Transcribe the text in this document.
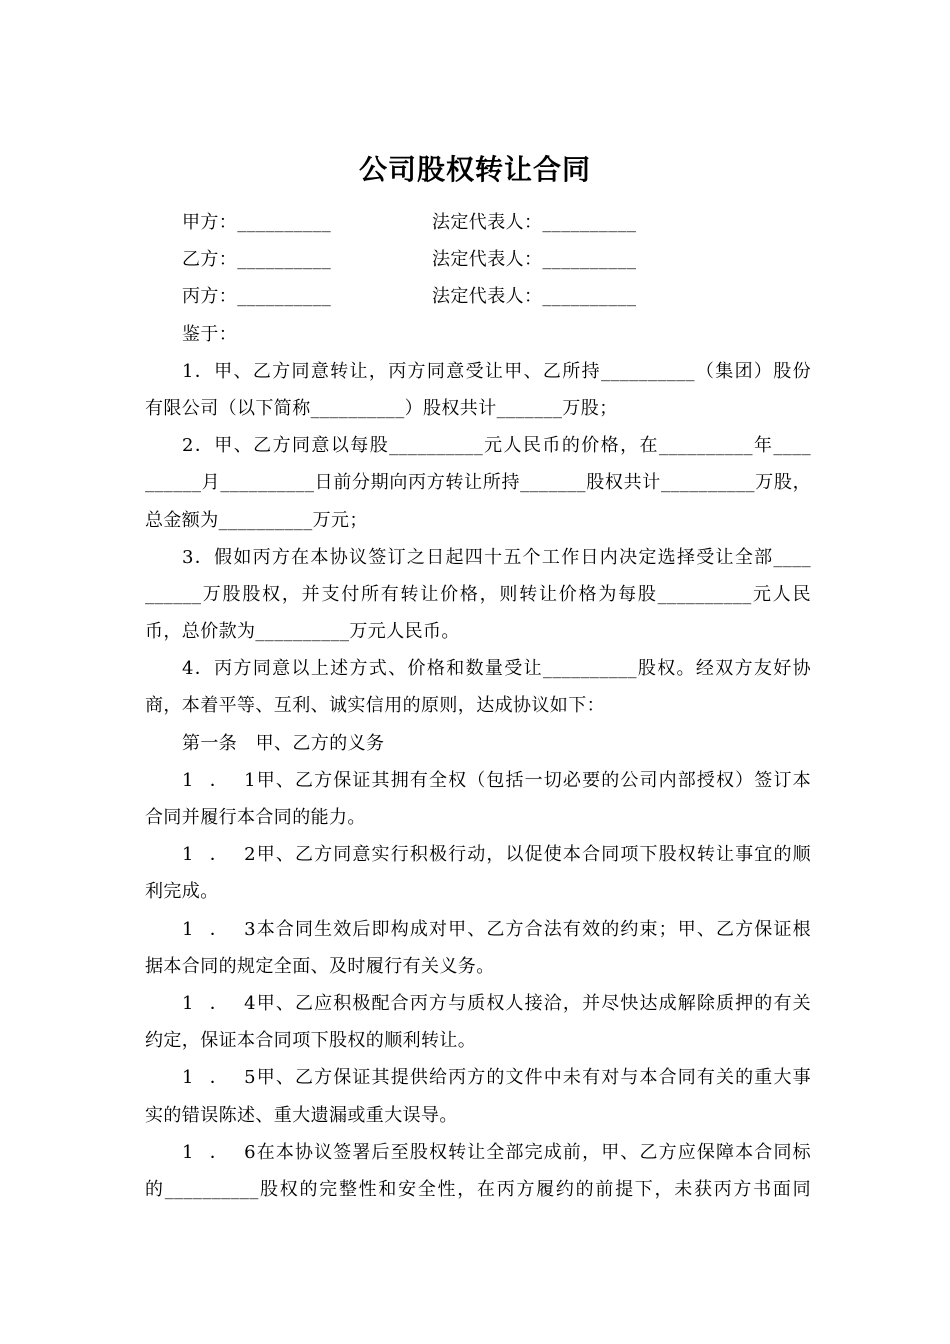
公司股权转让合同
甲方：__________	法定代表人：__________
乙方：__________	法定代表人：__________
丙方：__________	法定代表人：__________
鉴于：
1．甲、乙方同意转让，丙方同意受让甲、乙所持__________（集团）股份
有限公司（以下简称__________）股权共计_______万股；
2．甲、乙方同意以每股__________元人民币的价格，在__________年____
______月__________日前分期向丙方转让所持_______股权共计__________万股，
总金额为__________万元；
3．假如丙方在本协议签订之日起四十五个工作日内决定选择受让全部____
______万股股权，并支付所有转让价格，则转让价格为每股__________元人民
币，总价款为__________万元人民币。
4．丙方同意以上述方式、价格和数量受让__________股权。经双方友好协
商，本着平等、互利、诚实信用的原则，达成协议如下：
第一条　甲、乙方的义务
1．1甲、乙方保证其拥有全权（包括一切必要的公司内部授权）签订本
合同并履行本合同的能力。
1．2甲、乙方同意实行积极行动，以促使本合同项下股权转让事宜的顺
利完成。
1．3本合同生效后即构成对甲、乙方合法有效的约束；甲、乙方保证根
据本合同的规定全面、及时履行有关义务。
1．4甲、乙应积极配合丙方与质权人接洽，并尽快达成解除质押的有关
约定，保证本合同项下股权的顺利转让。
1．5甲、乙方保证其提供给丙方的文件中未有对与本合同有关的重大事
实的错误陈述、重大遗漏或重大误导。
1．6在本协议签署后至股权转让全部完成前，甲、乙方应保障本合同标
的__________股权的完整性和安全性，在丙方履约的前提下，未获丙方书面同
